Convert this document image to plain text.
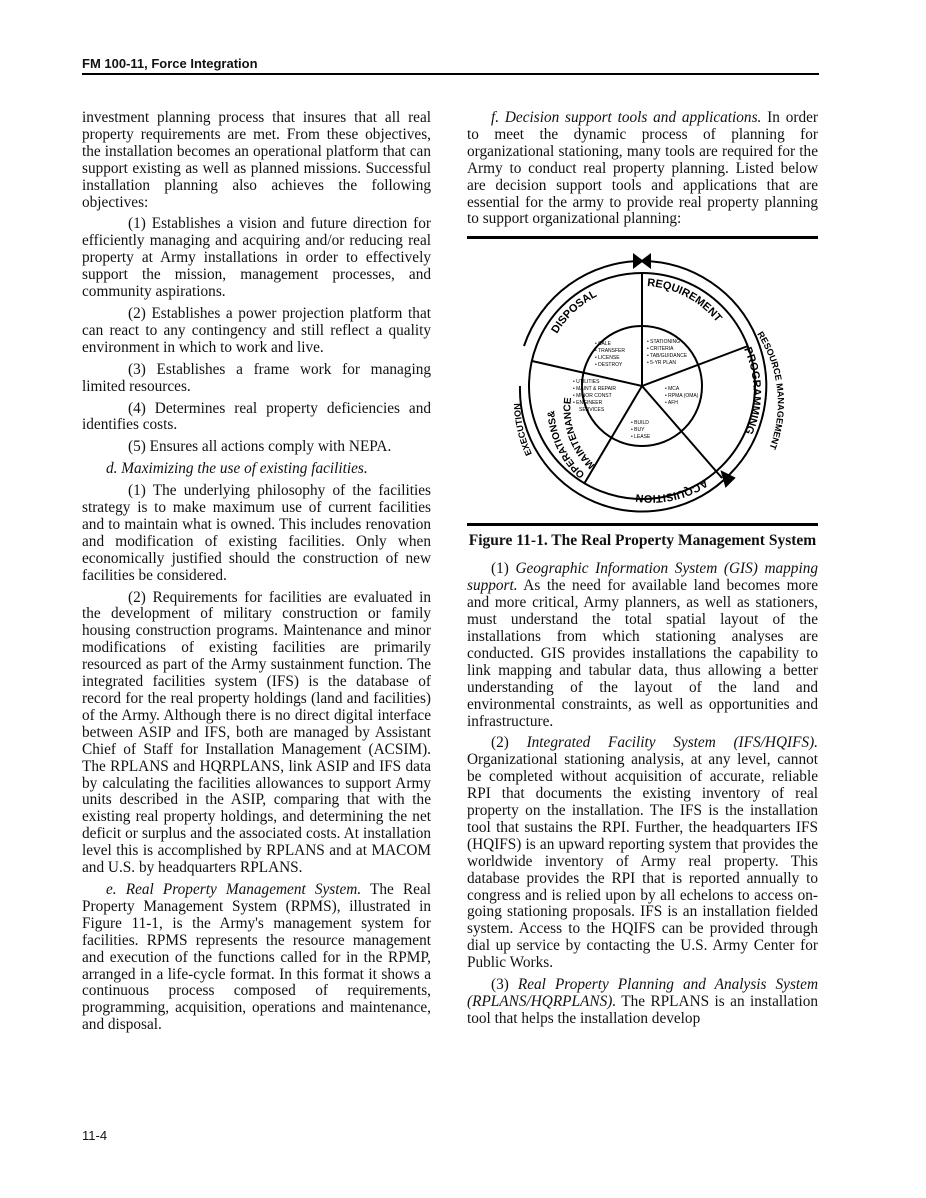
FM 100-11, Force Integration

investment planning process that insures that all real property requirements are met. From these objectives, the installation becomes an operational platform that can support existing as well as planned missions. Successful installation planning also achieves the following objectives:

(1) Establishes a vision and future direction for efficiently managing and acquiring and/or reducing real property at Army installations in order to effectively support the mission, management processes, and community aspirations.

(2) Establishes a power projection platform that can react to any contingency and still reflect a quality environment in which to work and live.

(3) Establishes a frame work for managing limited resources.

(4) Determines real property deficiencies and identifies costs.

(5) Ensures all actions comply with NEPA.

d. Maximizing the use of existing facilities.

(1) The underlying philosophy of the facilities strategy is to make maximum use of current facilities and to maintain what is owned. This includes renovation and modification of existing facilities. Only when economically justified should the construction of new facilities be considered.

(2) Requirements for facilities are evaluated in the development of military construction or family housing construction programs. Maintenance and minor modifications of existing facilities are primarily resourced as part of the Army sustainment function. The integrated facilities system (IFS) is the database of record for the real property holdings (land and facilities) of the Army. Although there is no direct digital interface between ASIP and IFS, both are managed by Assistant Chief of Staff for Installation Management (ACSIM). The RPLANS and HQRPLANS, link ASIP and IFS data by calculating the facilities allowances to support Army units described in the ASIP, comparing that with the existing real property holdings, and determining the net deficit or surplus and the associated costs. At installation level this is accomplished by RPLANS and at MACOM and U.S. by headquarters RPLANS.

e. Real Property Management System. The Real Property Management System (RPMS), illustrated in Figure 11-1, is the Army's management system for facilities. RPMS represents the resource management and execution of the functions called for in the RPMP, arranged in a life-cycle format. In this format it shows a continuous process composed of requirements, programming, acquisition, operations and maintenance, and disposal.

f. Decision support tools and applications. In order to meet the dynamic process of planning for organizational stationing, many tools are required for the Army to conduct real property planning. Listed below are decision support tools and applications that are essential for the army to provide real property planning to support organizational planning:

REQUIREMENT
DISPOSAL
PROGRAMMING
RESOURCE MANAGEMENT
ACQUISITION
OPERATIONS&
MAINTENANCE
EXECUTION
• SALE
• TRANSFER
• LICENSE
• DESTROY
• STATIONING
• CRITERIA
• TAB/GUIDANCE
• 5-YR PLAN
• MCA
• RPMA (OMA)
• AFH
• BUILD
• BUY
• LEASE
• UTILITIES
• MAINT & REPAIR
• MINOR CONST
• ENGINEER
SERVICES
Figure 11-1. The Real Property Management System

(1) Geographic Information System (GIS) mapping support. As the need for available land becomes more and more critical, Army planners, as well as stationers, must understand the total spatial layout of the installations from which stationing analyses are conducted. GIS provides installations the capability to link mapping and tabular data, thus allowing a better understanding of the layout of the land and environmental constraints, as well as opportunities and infrastructure.

(2) Integrated Facility System (IFS/HQIFS). Organizational stationing analysis, at any level, cannot be completed without acquisition of accurate, reliable RPI that documents the existing inventory of real property on the installation. The IFS is the installation tool that sustains the RPI. Further, the headquarters IFS (HQIFS) is an upward reporting system that provides the worldwide inventory of Army real property. This database provides the RPI that is reported annually to congress and is relied upon by all echelons to access on-going stationing proposals. IFS is an installation fielded system. Access to the HQIFS can be provided through dial up service by contacting the U.S. Army Center for Public Works.

(3) Real Property Planning and Analysis System (RPLANS/HQRPLANS). The RPLANS is an installation tool that helps the installation develop

11-4
